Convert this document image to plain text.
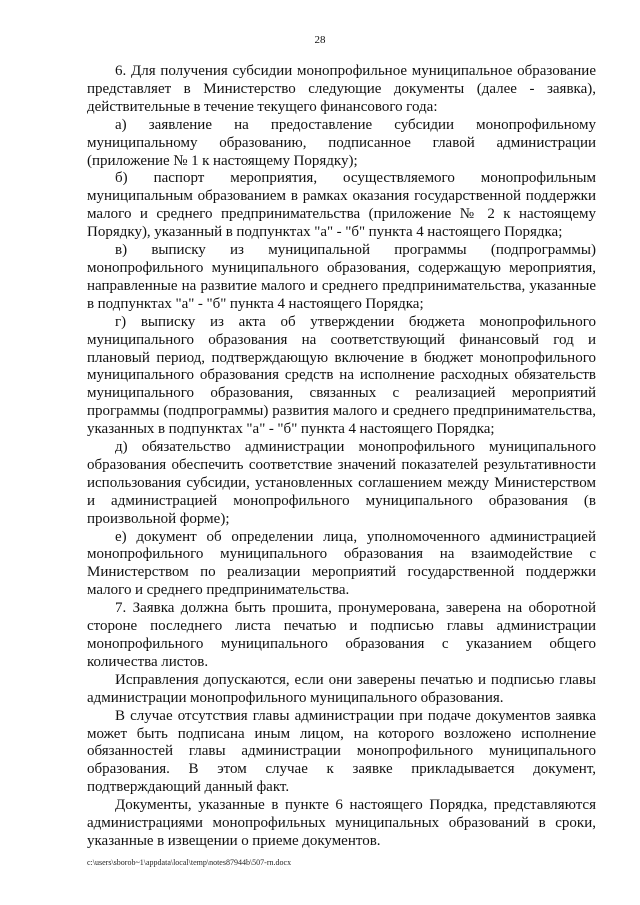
28

6. Для получения субсидии монопрофильное муниципальное образование представляет в Министерство следующие документы (далее - заявка), действительные в течение текущего финансового года:

а) заявление на предоставление субсидии монопрофильному муниципальному образованию, подписанное главой администрации (приложение № 1 к настоящему Порядку);

б) паспорт мероприятия, осуществляемого монопрофильным муниципальным образованием в рамках оказания государственной поддержки малого и среднего предпринимательства (приложение № 2 к настоящему Порядку), указанный в подпунктах "а" - "б" пункта 4 настоящего Порядка;

в) выписку из муниципальной программы (подпрограммы) монопрофильного муниципального образования, содержащую мероприятия, направленные на развитие малого и среднего предпринимательства, указанные в подпунктах "а" - "б" пункта 4 настоящего Порядка;

г) выписку из акта об утверждении бюджета монопрофильного муниципального образования на соответствующий финансовый год и плановый период, подтверждающую включение в бюджет монопрофильного муниципального образования средств на исполнение расходных обязательств муниципального образования, связанных с реализацией мероприятий программы (подпрограммы) развития малого и среднего предпринимательства, указанных в подпунктах "а" - "б" пункта 4 настоящего Порядка;

д) обязательство администрации монопрофильного муниципального образования обеспечить соответствие значений показателей результативности использования субсидии, установленных соглашением между Министерством и администрацией монопрофильного муниципального образования (в произвольной форме);

е) документ об определении лица, уполномоченного администрацией монопрофильного муниципального образования на взаимодействие с Министерством по реализации мероприятий государственной поддержки малого и среднего предпринимательства.

7. Заявка должна быть прошита, пронумерована, заверена на оборотной стороне последнего листа печатью и подписью главы администрации монопрофильного муниципального образования с указанием общего количества листов.

Исправления допускаются, если они заверены печатью и подписью главы администрации монопрофильного муниципального образования.

В случае отсутствия главы администрации при подаче документов заявка может быть подписана иным лицом, на которого возложено исполнение обязанностей главы администрации монопрофильного муниципального образования. В этом случае к заявке прикладывается документ, подтверждающий данный факт.

Документы, указанные в пункте 6 настоящего Порядка, представляются администрациями монопрофильных муниципальных образований в сроки, указанные в извещении о приеме документов.

c:\users\sborob~1\appdata\local\temp\notes87944b\507-rn.docx
